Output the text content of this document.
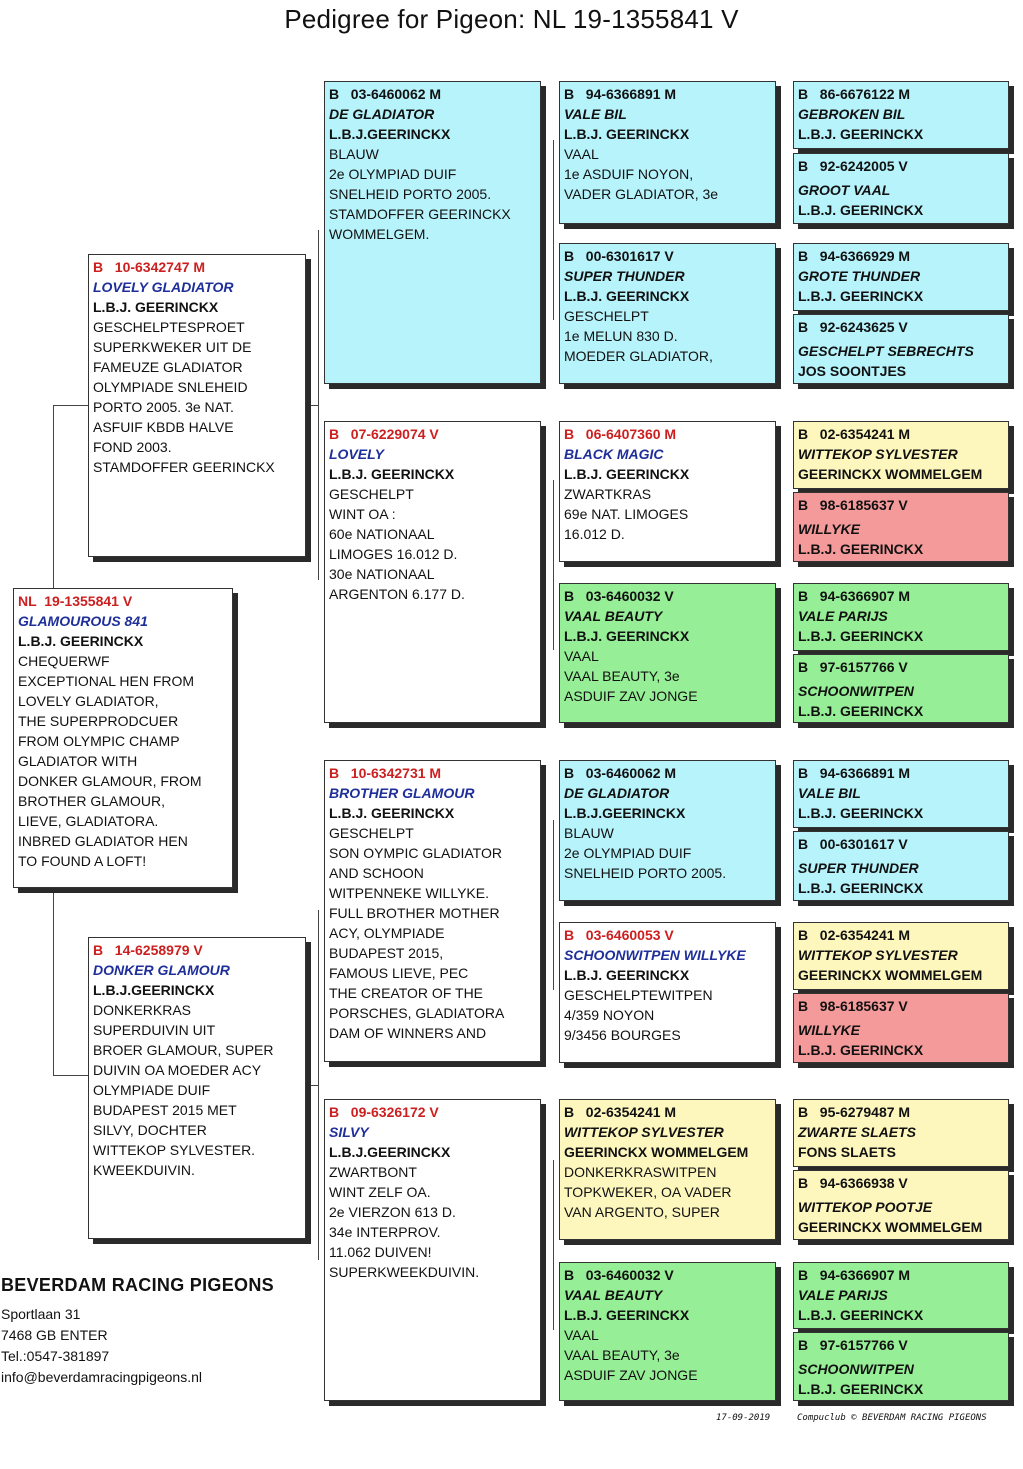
Pedigree for Pigeon: NL 19-1355841 V
NL  19-1355841 V
GLAMOUROUS 841
L.B.J. GEERINCKX
CHEQUERWF
EXCEPTIONAL HEN FROM
LOVELY GLADIATOR,
THE SUPERPRODCUER
FROM OLYMPIC CHAMP
GLADIATOR WITH
DONKER GLAMOUR, FROM
BROTHER GLAMOUR,
LIEVE, GLADIATORA.
INBRED GLADIATOR HEN
TO FOUND A LOFT!
B   10-6342747 M
LOVELY GLADIATOR
L.B.J. GEERINCKX
GESCHELPTESPROET
SUPERKWEKER UIT DE
FAMEUZE GLADIATOR
OLYMPIADE SNLEHEID
PORTO 2005. 3e NAT.
ASFUIF KBDB HALVE
FOND 2003.
STAMDOFFER GEERINCKX
B   14-6258979 V
DONKER GLAMOUR
L.B.J.GEERINCKX
DONKERKRAS
SUPERDUIVIN UIT
BROER GLAMOUR, SUPER
DUIVIN OA MOEDER ACY
OLYMPIADE DUIF
BUDAPEST 2015 MET
SILVY, DOCHTER
WITTEKOP SYLVESTER.
KWEEKDUIVIN.
B   03-6460062 M
DE GLADIATOR
L.B.J.GEERINCKX
BLAUW
2e OLYMPIAD DUIF
SNELHEID PORTO 2005.
STAMDOFFER GEERINCKX
WOMMELGEM.
B   07-6229074 V
LOVELY
L.B.J. GEERINCKX
GESCHELPT
WINT OA :
60e NATIONAAL
LIMOGES 16.012 D.
30e NATIONAAL
ARGENTON 6.177 D.
B   10-6342731 M
BROTHER GLAMOUR
L.B.J. GEERINCKX
GESCHELPT
SON OYMPIC GLADIATOR
AND SCHOON
WITPENNEKE WILLYKE.
FULL BROTHER MOTHER
ACY, OLYMPIADE
BUDAPEST 2015,
FAMOUS LIEVE, PEC
THE CREATOR OF THE
PORSCHES, GLADIATORA
DAM OF WINNERS AND
B   09-6326172 V
SILVY
L.B.J.GEERINCKX
ZWARTBONT
WINT ZELF OA.
2e VIERZON 613 D.
34e INTERPROV.
11.062 DUIVEN!
SUPERKWEEKDUIVIN.
B   94-6366891 M
VALE BIL
L.B.J. GEERINCKX
VAAL
1e ASDUIF NOYON,
VADER GLADIATOR, 3e
B   00-6301617 V
SUPER THUNDER
L.B.J. GEERINCKX
GESCHELPT
1e MELUN 830 D.
MOEDER GLADIATOR,
B   06-6407360 M
BLACK MAGIC
L.B.J. GEERINCKX
ZWARTKRAS
69e NAT. LIMOGES
16.012 D.
B   03-6460032 V
VAAL BEAUTY
L.B.J. GEERINCKX
VAAL
VAAL BEAUTY, 3e
ASDUIF ZAV JONGE
B   03-6460062 M
DE GLADIATOR
L.B.J.GEERINCKX
BLAUW
2e OLYMPIAD DUIF
SNELHEID PORTO 2005.
B   03-6460053 V
SCHOONWITPEN WILLYKE
L.B.J. GEERINCKX
GESCHELPTEWITPEN
4/359 NOYON
9/3456 BOURGES
B   02-6354241 M
WITTEKOP SYLVESTER
GEERINCKX WOMMELGEM
DONKERKRASWITPEN
TOPKWEKER, OA VADER
VAN ARGENTO, SUPER
B   03-6460032 V
VAAL BEAUTY
L.B.J. GEERINCKX
VAAL
VAAL BEAUTY, 3e
ASDUIF ZAV JONGE
B   86-6676122 M
GEBROKEN BIL
L.B.J. GEERINCKX
B   92-6242005 V
GROOT VAAL
L.B.J. GEERINCKX
B   94-6366929 M
GROTE THUNDER
L.B.J. GEERINCKX
B   92-6243625 V
GESCHELPT SEBRECHTS
JOS SOONTJES
B   02-6354241 M
WITTEKOP SYLVESTER
GEERINCKX WOMMELGEM
B   98-6185637 V
WILLYKE
L.B.J. GEERINCKX
B   94-6366907 M
VALE PARIJS
L.B.J. GEERINCKX
B   97-6157766 V
SCHOONWITPEN
L.B.J. GEERINCKX
B   94-6366891 M
VALE BIL
L.B.J. GEERINCKX
B   00-6301617 V
SUPER THUNDER
L.B.J. GEERINCKX
B   02-6354241 M
WITTEKOP SYLVESTER
GEERINCKX WOMMELGEM
B   98-6185637 V
WILLYKE
L.B.J. GEERINCKX
B   95-6279487 M
ZWARTE SLAETS
FONS SLAETS
B   94-6366938 V
WITTEKOP POOTJE
GEERINCKX WOMMELGEM
B   94-6366907 M
VALE PARIJS
L.B.J. GEERINCKX
B   97-6157766 V
SCHOONWITPEN
L.B.J. GEERINCKX
BEVERDAM RACING PIGEONS
Sportlaan 31
7468 GB ENTER
Tel.:0547-381897
info@beverdamracingpigeons.nl
17-09-2019	Compuclub © BEVERDAM RACING PIGEONS
